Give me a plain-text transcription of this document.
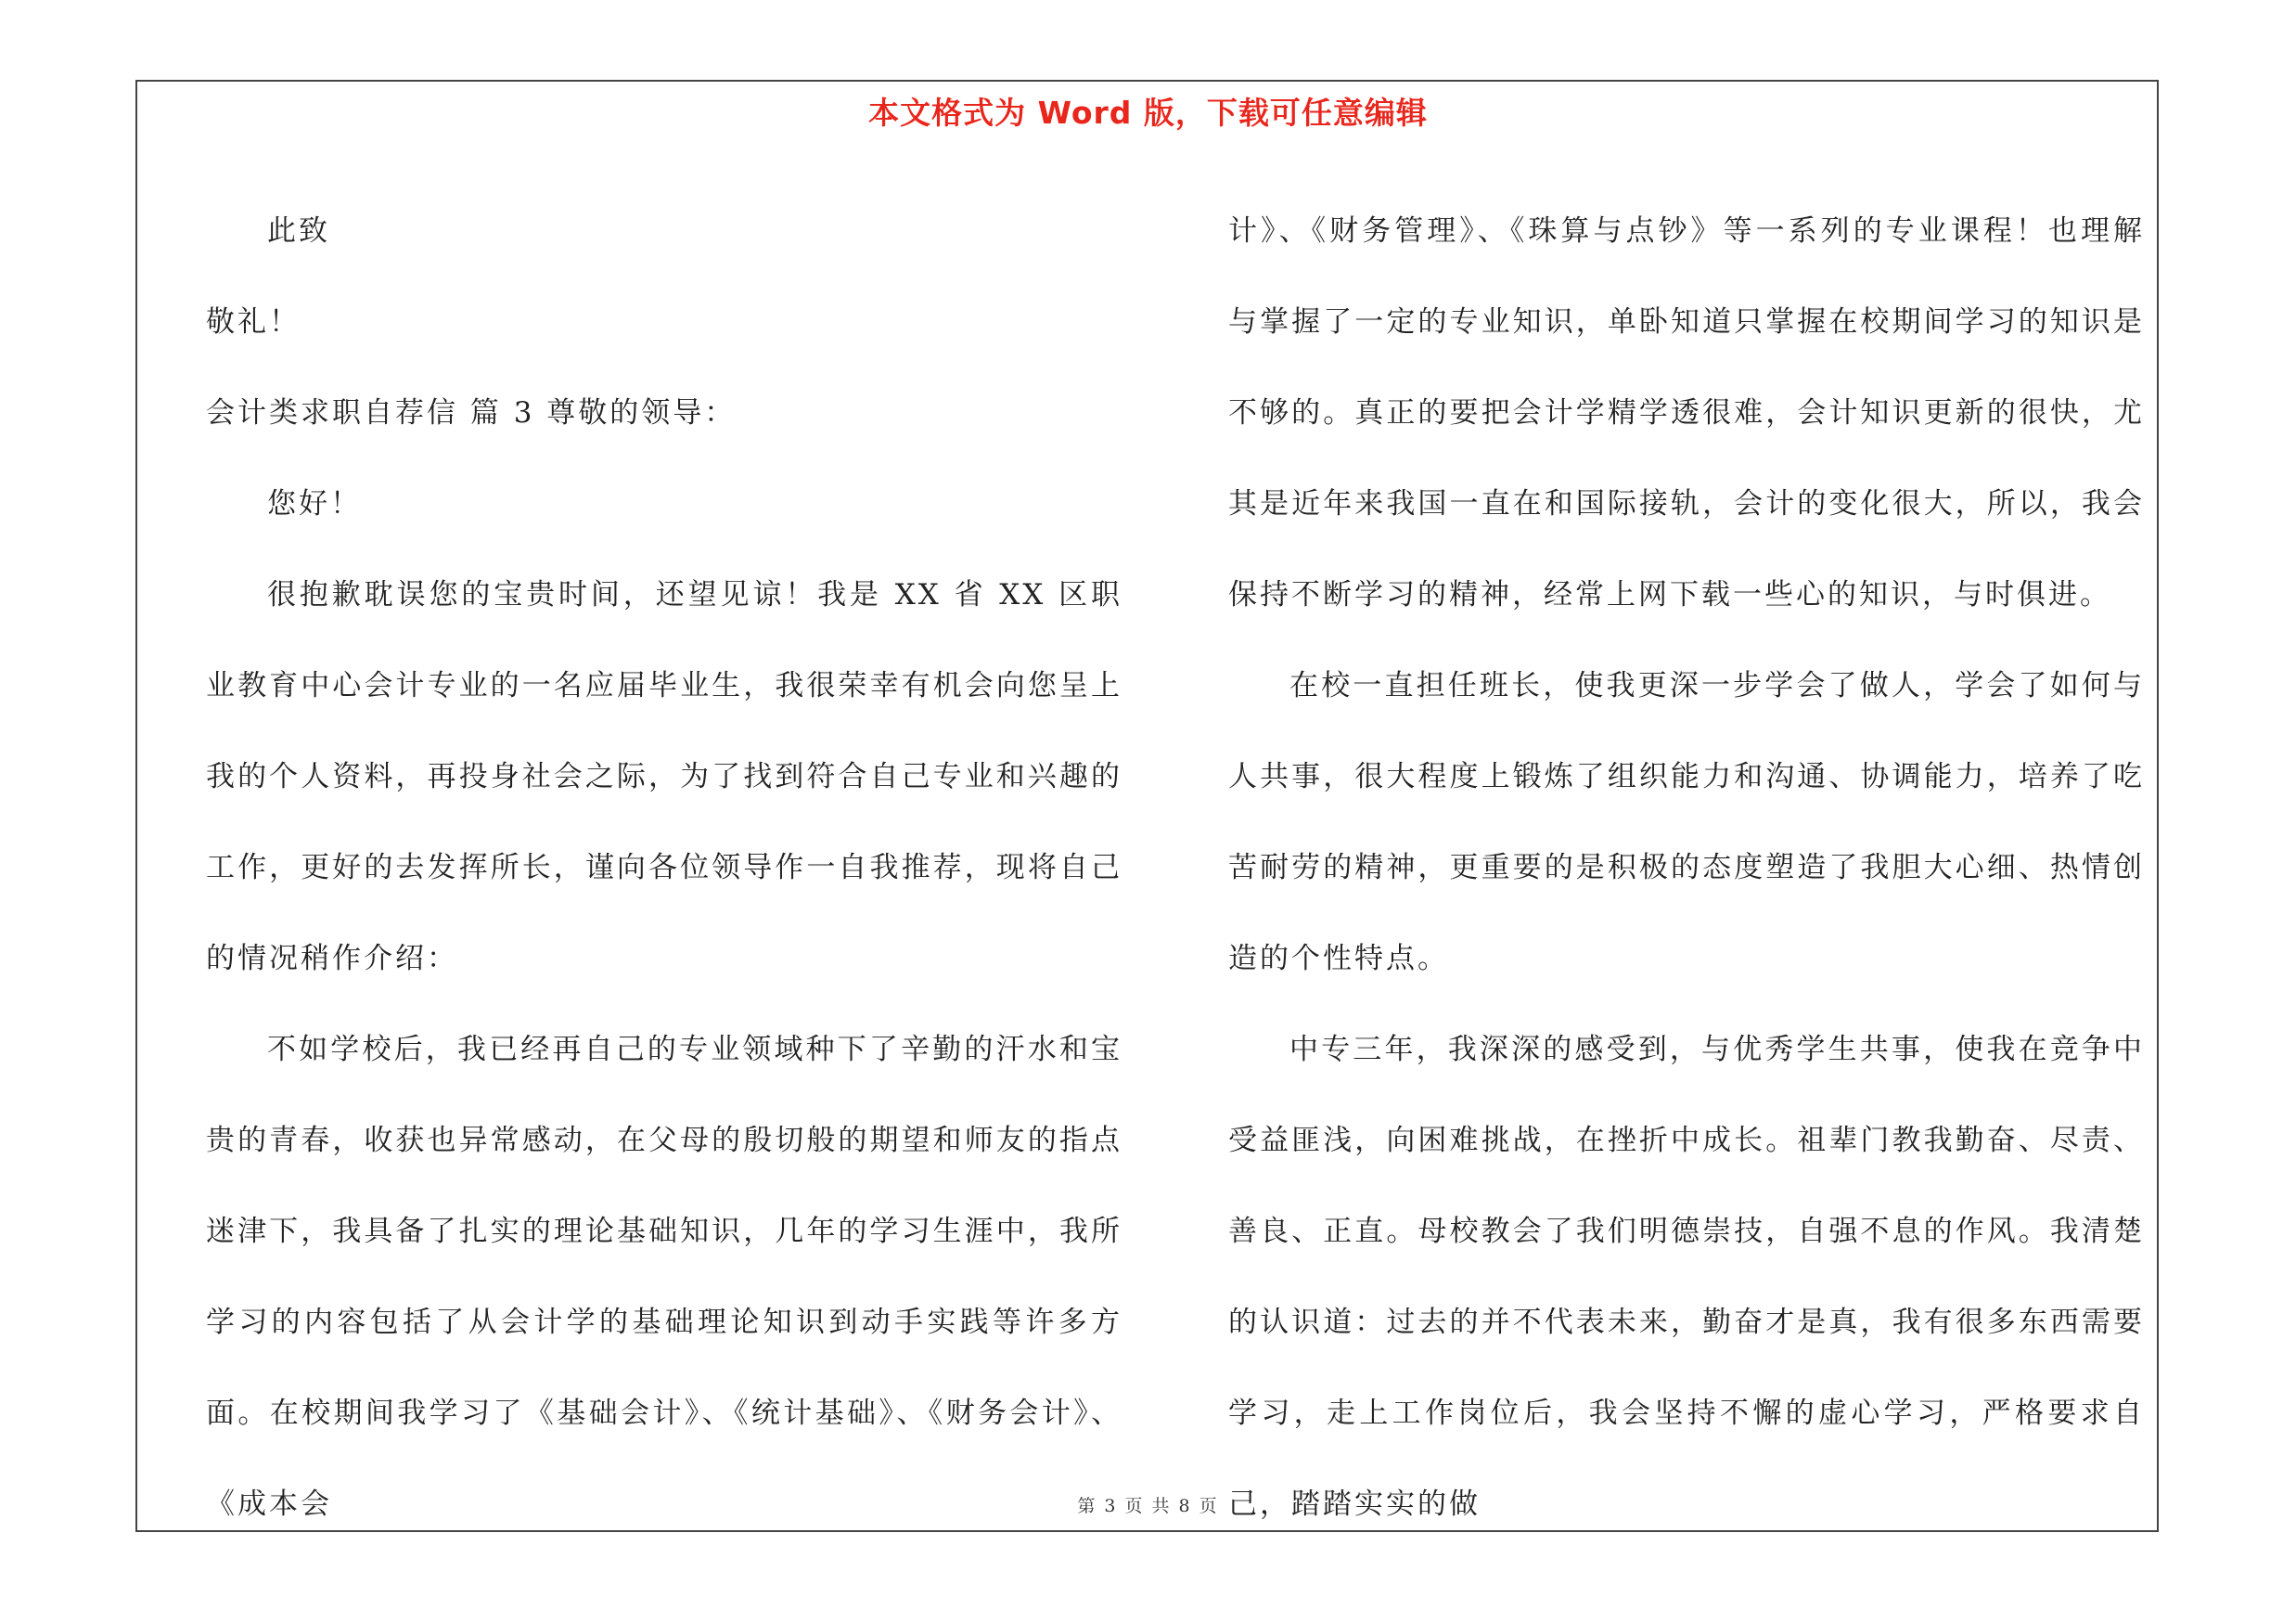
本文格式为 Word 版，下载可任意编辑

此致

敬礼！

会计类求职自荐信 篇 3 尊敬的领导：

您好！

很抱歉耽误您的宝贵时间，还望见谅！我是 XX 省 XX 区职业教育中心会计专业的一名应届毕业生，我很荣幸有机会向您呈上我的个人资料，再投身社会之际，为了找到符合自己专业和兴趣的工作，更好的去发挥所长，谨向各位领导作一自我推荐，现将自己的情况稍作介绍：

不如学校后，我已经再自己的专业领域种下了辛勤的汗水和宝贵的青春，收获也异常感动，在父母的殷切般的期望和师友的指点迷津下，我具备了扎实的理论基础知识，几年的学习生涯中，我所学习的内容包括了从会计学的基础理论知识到动手实践等许多方面。在校期间我学习了《基础会计》、《统计基础》、《财务会计》、《成本会

计》、《财务管理》、《珠算与点钞》等一系列的专业课程！也理解与掌握了一定的专业知识，单卧知道只掌握在校期间学习的知识是不够的。真正的要把会计学精学透很难，会计知识更新的很快，尤其是近年来我国一直在和国际接轨，会计的变化很大，所以，我会保持不断学习的精神，经常上网下载一些心的知识，与时俱进。

在校一直担任班长，使我更深一步学会了做人，学会了如何与人共事，很大程度上锻炼了组织能力和沟通、协调能力，培养了吃苦耐劳的精神，更重要的是积极的态度塑造了我胆大心细、热情创造的个性特点。

中专三年，我深深的感受到，与优秀学生共事，使我在竞争中受益匪浅，向困难挑战，在挫折中成长。祖辈门教我勤奋、尽责、善良、正直。母校教会了我们明德崇技，自强不息的作风。我清楚的认识道：过去的并不代表未来，勤奋才是真，我有很多东西需要学习，走上工作岗位后，我会坚持不懈的虚心学习，严格要求自己，踏踏实实的做

第 3 页 共 8 页
